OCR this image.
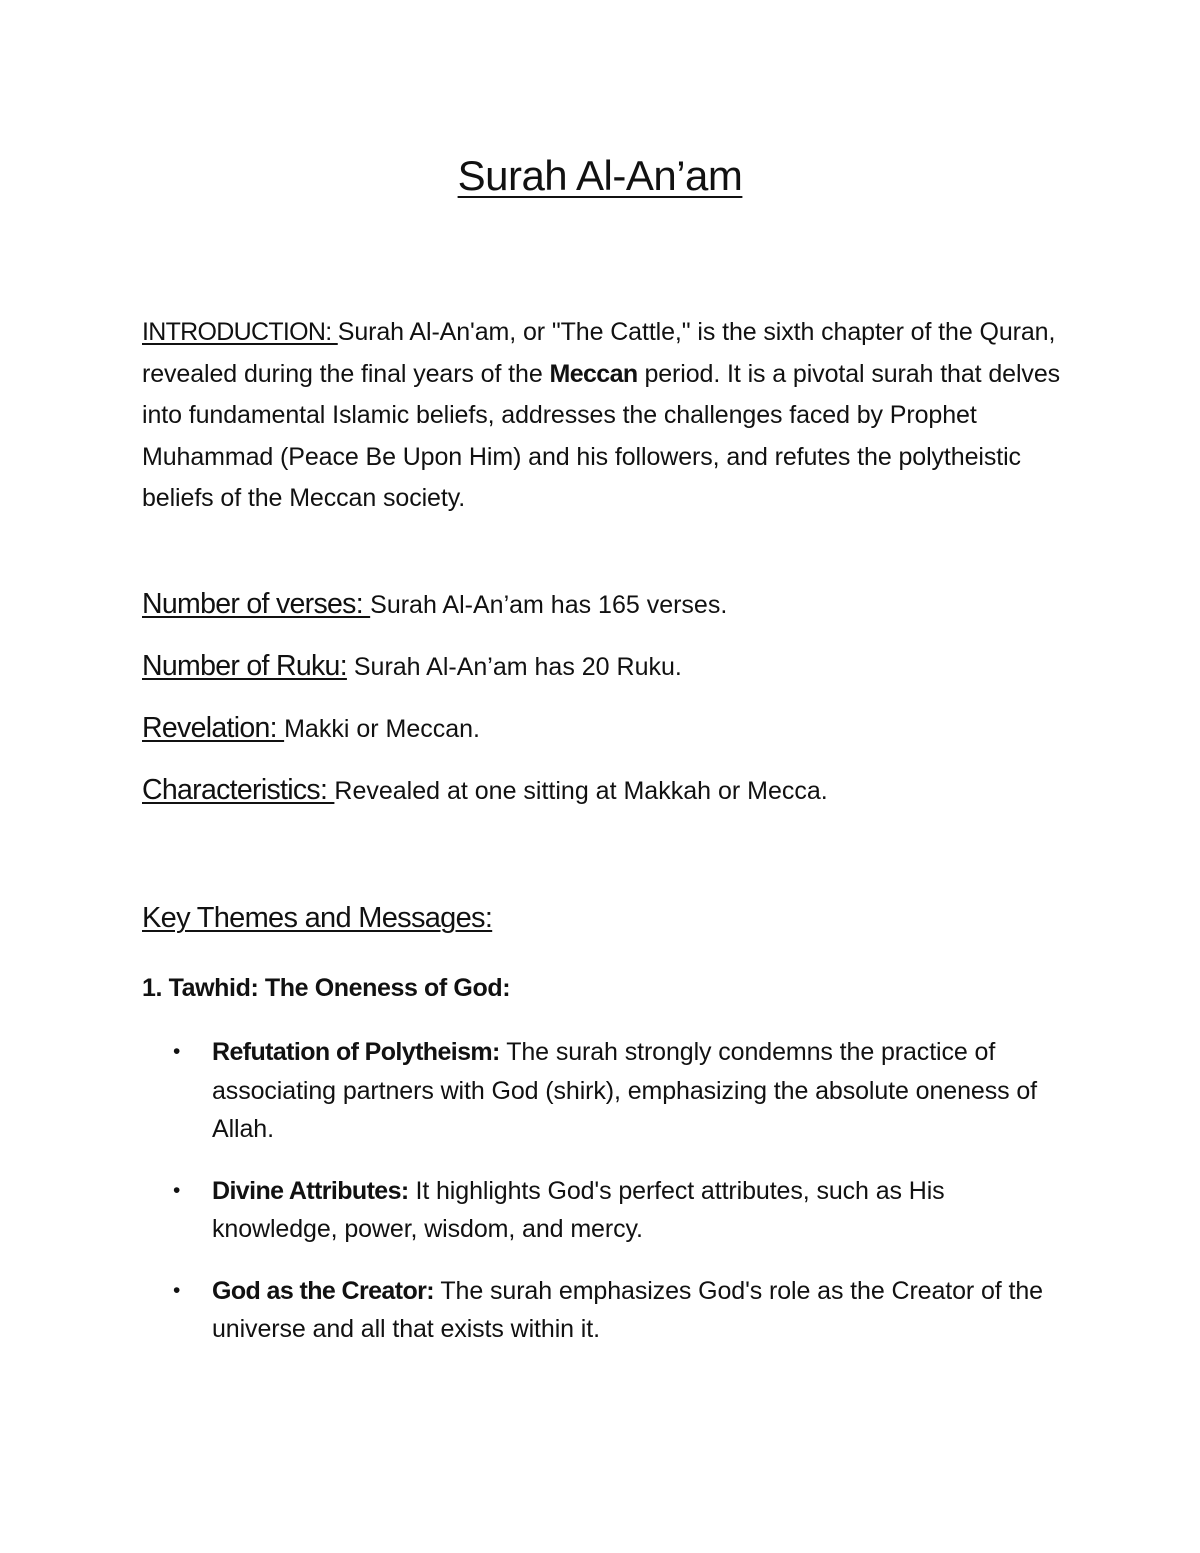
Surah Al-An’am
INTRODUCTION: Surah Al-An'am, or "The Cattle," is the sixth chapter of the Quran, revealed during the final years of the Meccan period. It is a pivotal surah that delves into fundamental Islamic beliefs, addresses the challenges faced by Prophet Muhammad (Peace Be Upon Him) and his followers, and refutes the polytheistic beliefs of the Meccan society.
Number of verses: Surah Al-An’am has 165 verses.
Number of Ruku: Surah Al-An’am has 20 Ruku.
Revelation: Makki or Meccan.
Characteristics: Revealed at one sitting at Makkah or Mecca.
Key Themes and Messages:
1. Tawhid: The Oneness of God:
• Refutation of Polytheism: The surah strongly condemns the practice of associating partners with God (shirk), emphasizing the absolute oneness of Allah.
• Divine Attributes: It highlights God's perfect attributes, such as His knowledge, power, wisdom, and mercy.
• God as the Creator: The surah emphasizes God's role as the Creator of the universe and all that exists within it.
